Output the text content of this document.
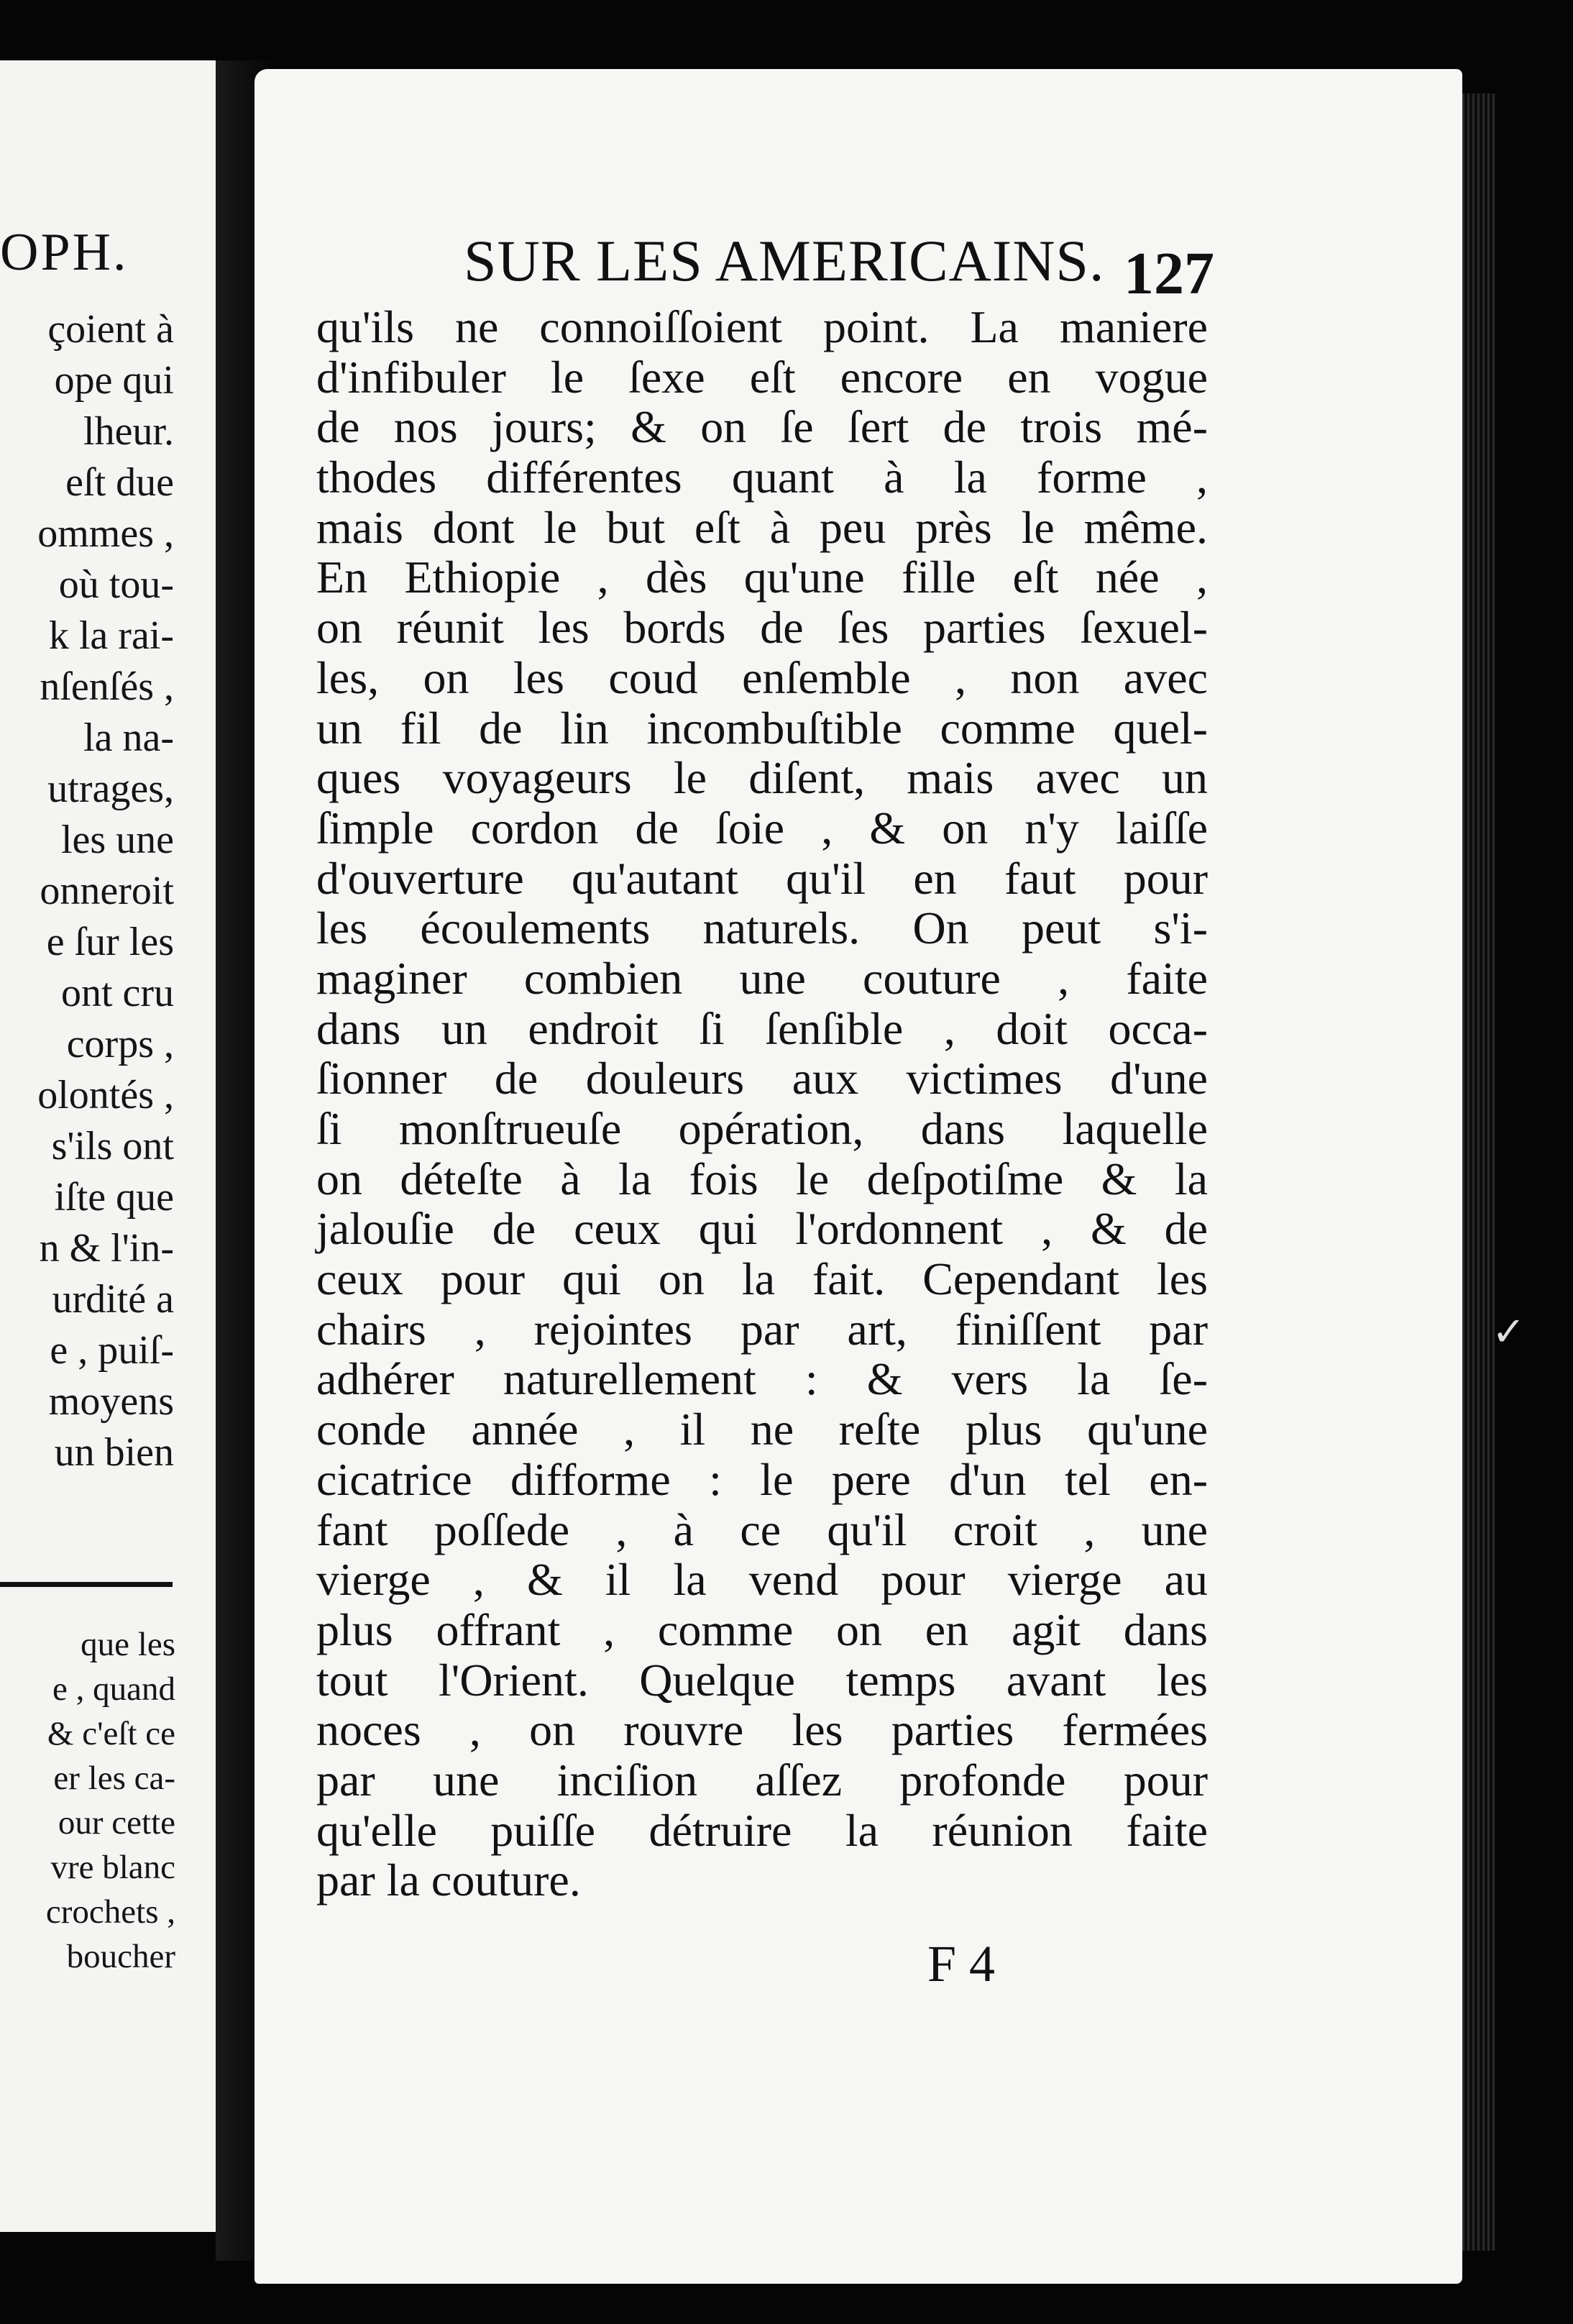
OPH.
çoient à
ope qui
lheur.
eſt due
ommes ,
où tou-
k la rai-
nſenſés ,
la na-
utrages,
les une
onneroit
e ſur les
ont cru
corps ,
olontés ,
s'ils ont
iſte que
n & l'in-
urdité a
e , puiſ-
moyens
un bien
que les
e , quand
& c'eſt ce
er les ca-
our cette
vre blanc
crochets ,
boucher
SUR LES AMERICAINS. 127
qu'ils ne connoiſſoient point. La maniere
d'infibuler le ſexe eſt encore en vogue
de nos jours; & on ſe ſert de trois mé-
thodes différentes quant à la forme ,
mais dont le but eſt à peu près le même.
En Ethiopie , dès qu'une fille eſt née ,
on réunit les bords de ſes parties ſexuel-
les, on les coud enſemble , non avec
un fil de lin incombuſtible comme quel-
ques voyageurs le diſent, mais avec un
ſimple cordon de ſoie , & on n'y laiſſe
d'ouverture qu'autant qu'il en faut pour
les écoulements naturels. On peut s'i-
maginer combien une couture , faite
dans un endroit ſi ſenſible , doit occa-
ſionner de douleurs aux victimes d'une
ſi monſtrueuſe opération, dans laquelle
on déteſte à la fois le deſpotiſme & la
jalouſie de ceux qui l'ordonnent , & de
ceux pour qui on la fait. Cependant les
chairs , rejointes par art, finiſſent par
adhérer naturellement : & vers la ſe-
conde année , il ne reſte plus qu'une
cicatrice difforme : le pere d'un tel en-
fant poſſede , à ce qu'il croit , une
vierge , & il la vend pour vierge au
plus offrant , comme on en agit dans
tout l'Orient. Quelque temps avant les
noces , on rouvre les parties fermées
par une inciſion aſſez profonde pour
qu'elle puiſſe détruire la réunion faite
par la couture.
F 4
✓
